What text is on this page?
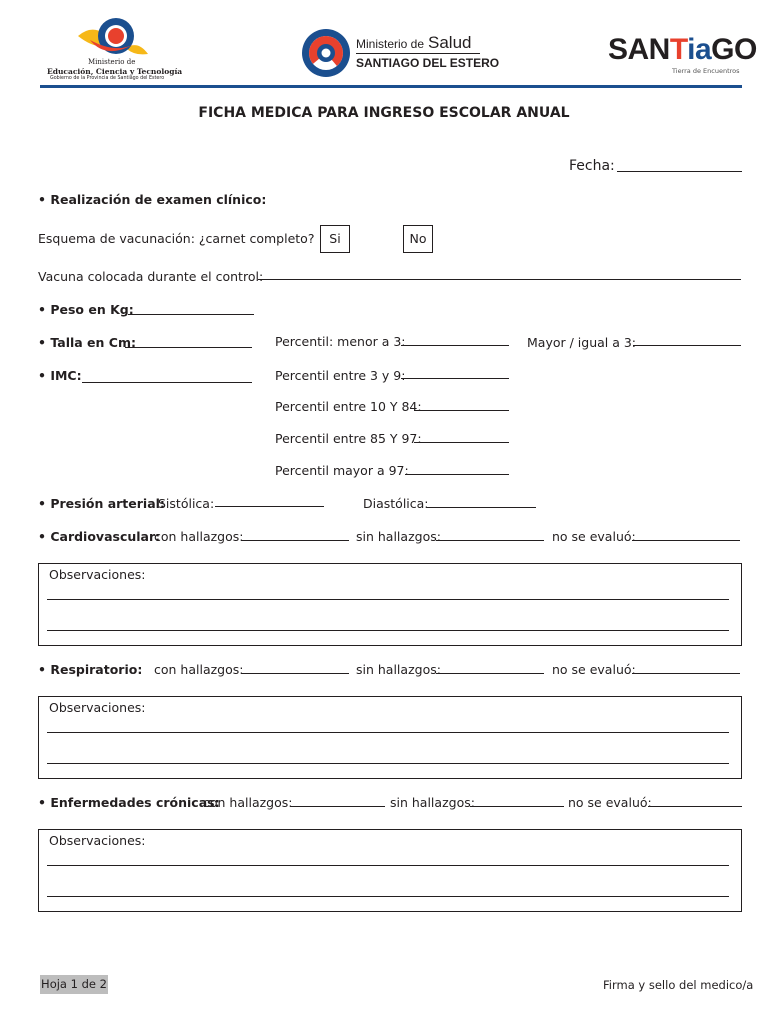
Ministerio de
Educación, Ciencia y Tecnología
Gobierno de la Provincia de Santiago del Estero
Ministerio de Salud
SANTIAGO DEL ESTERO	SANTiaGO
Tierra de Encuentros
FICHA MEDICA PARA INGRESO ESCOLAR ANUAL
Fecha:
• Realización de examen clínico:
Esquema de vacunación: ¿carnet completo?	Si	No
Vacuna colocada durante el control:
• Peso en Kg:
• Talla en Cm:	Percentil: menor a 3:	Mayor / igual a 3:
• IMC:	Percentil entre 3 y 9:
Percentil entre 10 Y 84:
Percentil entre 85 Y 97:
Percentil mayor a 97:
• Presión arterial:
Sistólica:	Diastólica:
• Cardiovascular:
con hallazgos:	sin hallazgos:	no se evaluó:
Observaciones:
• Respiratorio: con hallazgos:	sin hallazgos:	no se evaluó:
Observaciones:
• Enfermedades crónicas:
con hallazgos:	sin hallazgos:	no se evaluó:
Observaciones:
Hoja 1 de 2	Firma y sello del medico/a
